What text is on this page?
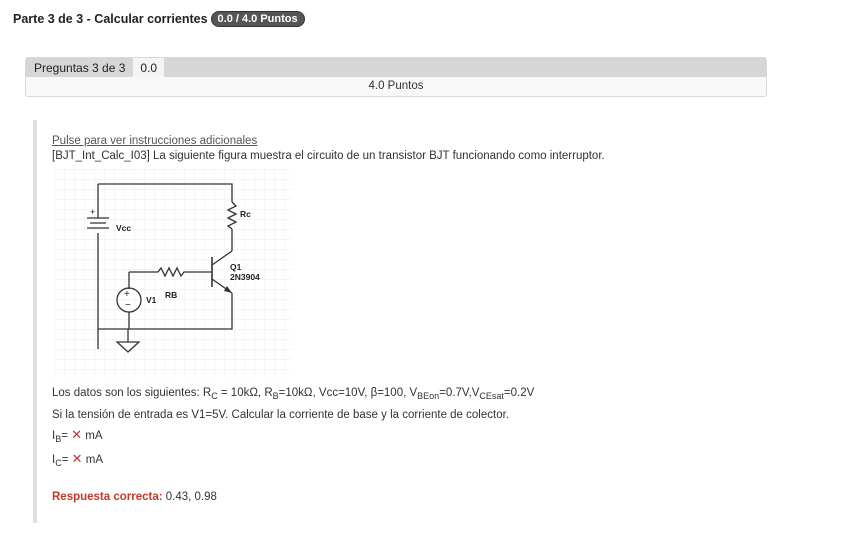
Parte 3 de 3 - Calcular corrientes 0.0 / 4.0 Puntos
Preguntas 3 de 3	0.0
4.0 Puntos

Pulse para ver instrucciones adicionales

[BJT_Int_Calc_I03] La siguiente figura muestra el circuito de un transistor BJT funcionando como interruptor.

+
+
−
Rc
Vcc
Q1
2N3904
RB
V1

Los datos son los siguientes: $R_C = 10k\Omega$, $R_B=10k\Omega$, Vcc=10V, β=100, $V_{BEon}=0.7V,V_{CEsat}=0.2V$

Si la tensión de entrada es V1=5V. Calcular la corriente de base y la corriente de colector.

$I_B=$ ✕ mA

$I_C=$ ✕ mA

Respuesta correcta: 0.43, 0.98
